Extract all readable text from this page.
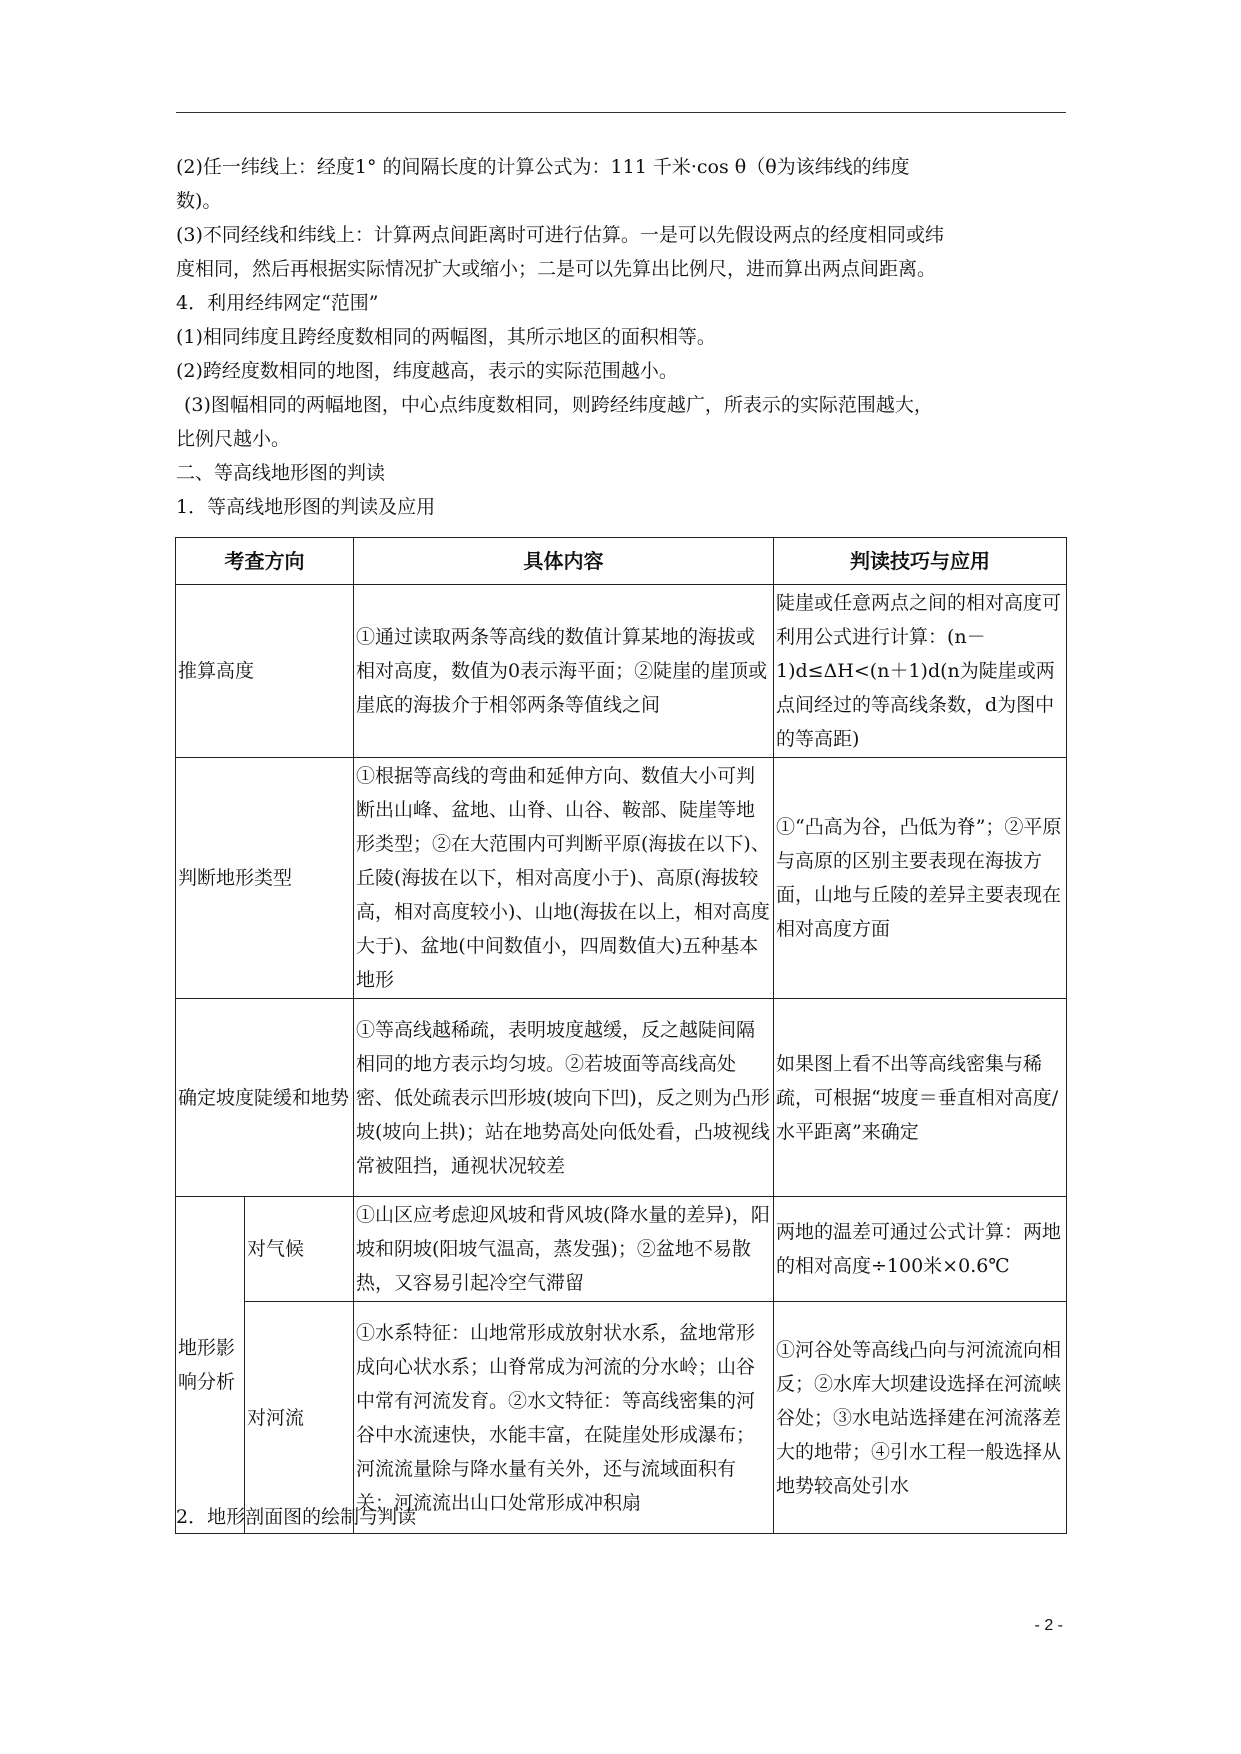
(2)任一纬线上：经度1° 的间隔长度的计算公式为：111 千米·cos θ（θ为该纬线的纬度

数)。

(3)不同经线和纬线上：计算两点间距离时可进行估算。一是可以先假设两点的经度相同或纬

度相同，然后再根据实际情况扩大或缩小；二是可以先算出比例尺，进而算出两点间距离。

4．利用经纬网定“范围”

(1)相同纬度且跨经度数相同的两幅图，其所示地区的面积相等。

(2)跨经度数相同的地图，纬度越高，表示的实际范围越小。

(3)图幅相同的两幅地图，中心点纬度数相同，则跨经纬度越广，所表示的实际范围越大，

比例尺越小。

二、等高线地形图的判读

1．等高线地形图的判读及应用

考查方向		具体内容	判读技巧与应用
推算高度		①通过读取两条等高线的数值计算某地的海拔或相对高度，数值为0表示海平面；②陡崖的崖顶或崖底的海拔介于相邻两条等值线之间	陡崖或任意两点之间的相对高度可利用公式进行计算：(n－1)d≤ΔH<(n＋1)d(n为陡崖或两点间经过的等高线条数，d为图中的等高距)
判断地形类型		①根据等高线的弯曲和延伸方向、数值大小可判断出山峰、盆地、山脊、山谷、鞍部、陡崖等地形类型；②在大范围内可判断平原(海拔在以下)、丘陵(海拔在以下，相对高度小于)、高原(海拔较高，相对高度较小)、山地(海拔在以上，相对高度大于)、盆地(中间数值小，四周数值大)五种基本地形	①“凸高为谷，凸低为脊”；②平原与高原的区别主要表现在海拔方面，山地与丘陵的差异主要表现在相对高度方面
确定坡度陡缓和地势		①等高线越稀疏，表明坡度越缓，反之越陡间隔相同的地方表示均匀坡。②若坡面等高线高处密、低处疏表示凹形坡(坡向下凹)，反之则为凸形坡(坡向上拱)；站在地势高处向低处看，凸坡视线常被阻挡，通视状况较差	如果图上看不出等高线密集与稀疏，可根据“坡度＝垂直相对高度/水平距离”来确定
地形影响分析	对气候	①山区应考虑迎风坡和背风坡(降水量的差异)，阳坡和阴坡(阳坡气温高，蒸发强)；②盆地不易散热，又容易引起冷空气滞留	两地的温差可通过公式计算：两地的相对高度÷100米×0.6℃
	对河流	①水系特征：山地常形成放射状水系，盆地常形成向心状水系；山脊常成为河流的分水岭；山谷中常有河流发育。②水文特征：等高线密集的河谷中水流速快，水能丰富，在陡崖处形成瀑布；河流流量除与降水量有关外，还与流域面积有关；河流流出山口处常形成冲积扇	①河谷处等高线凸向与河流流向相反；②水库大坝建设选择在河流峡谷处；③水电站选择建在河流落差大的地带；④引水工程一般选择从地势较高处引水
2．地形剖面图的绘制与判读
- 2 -
